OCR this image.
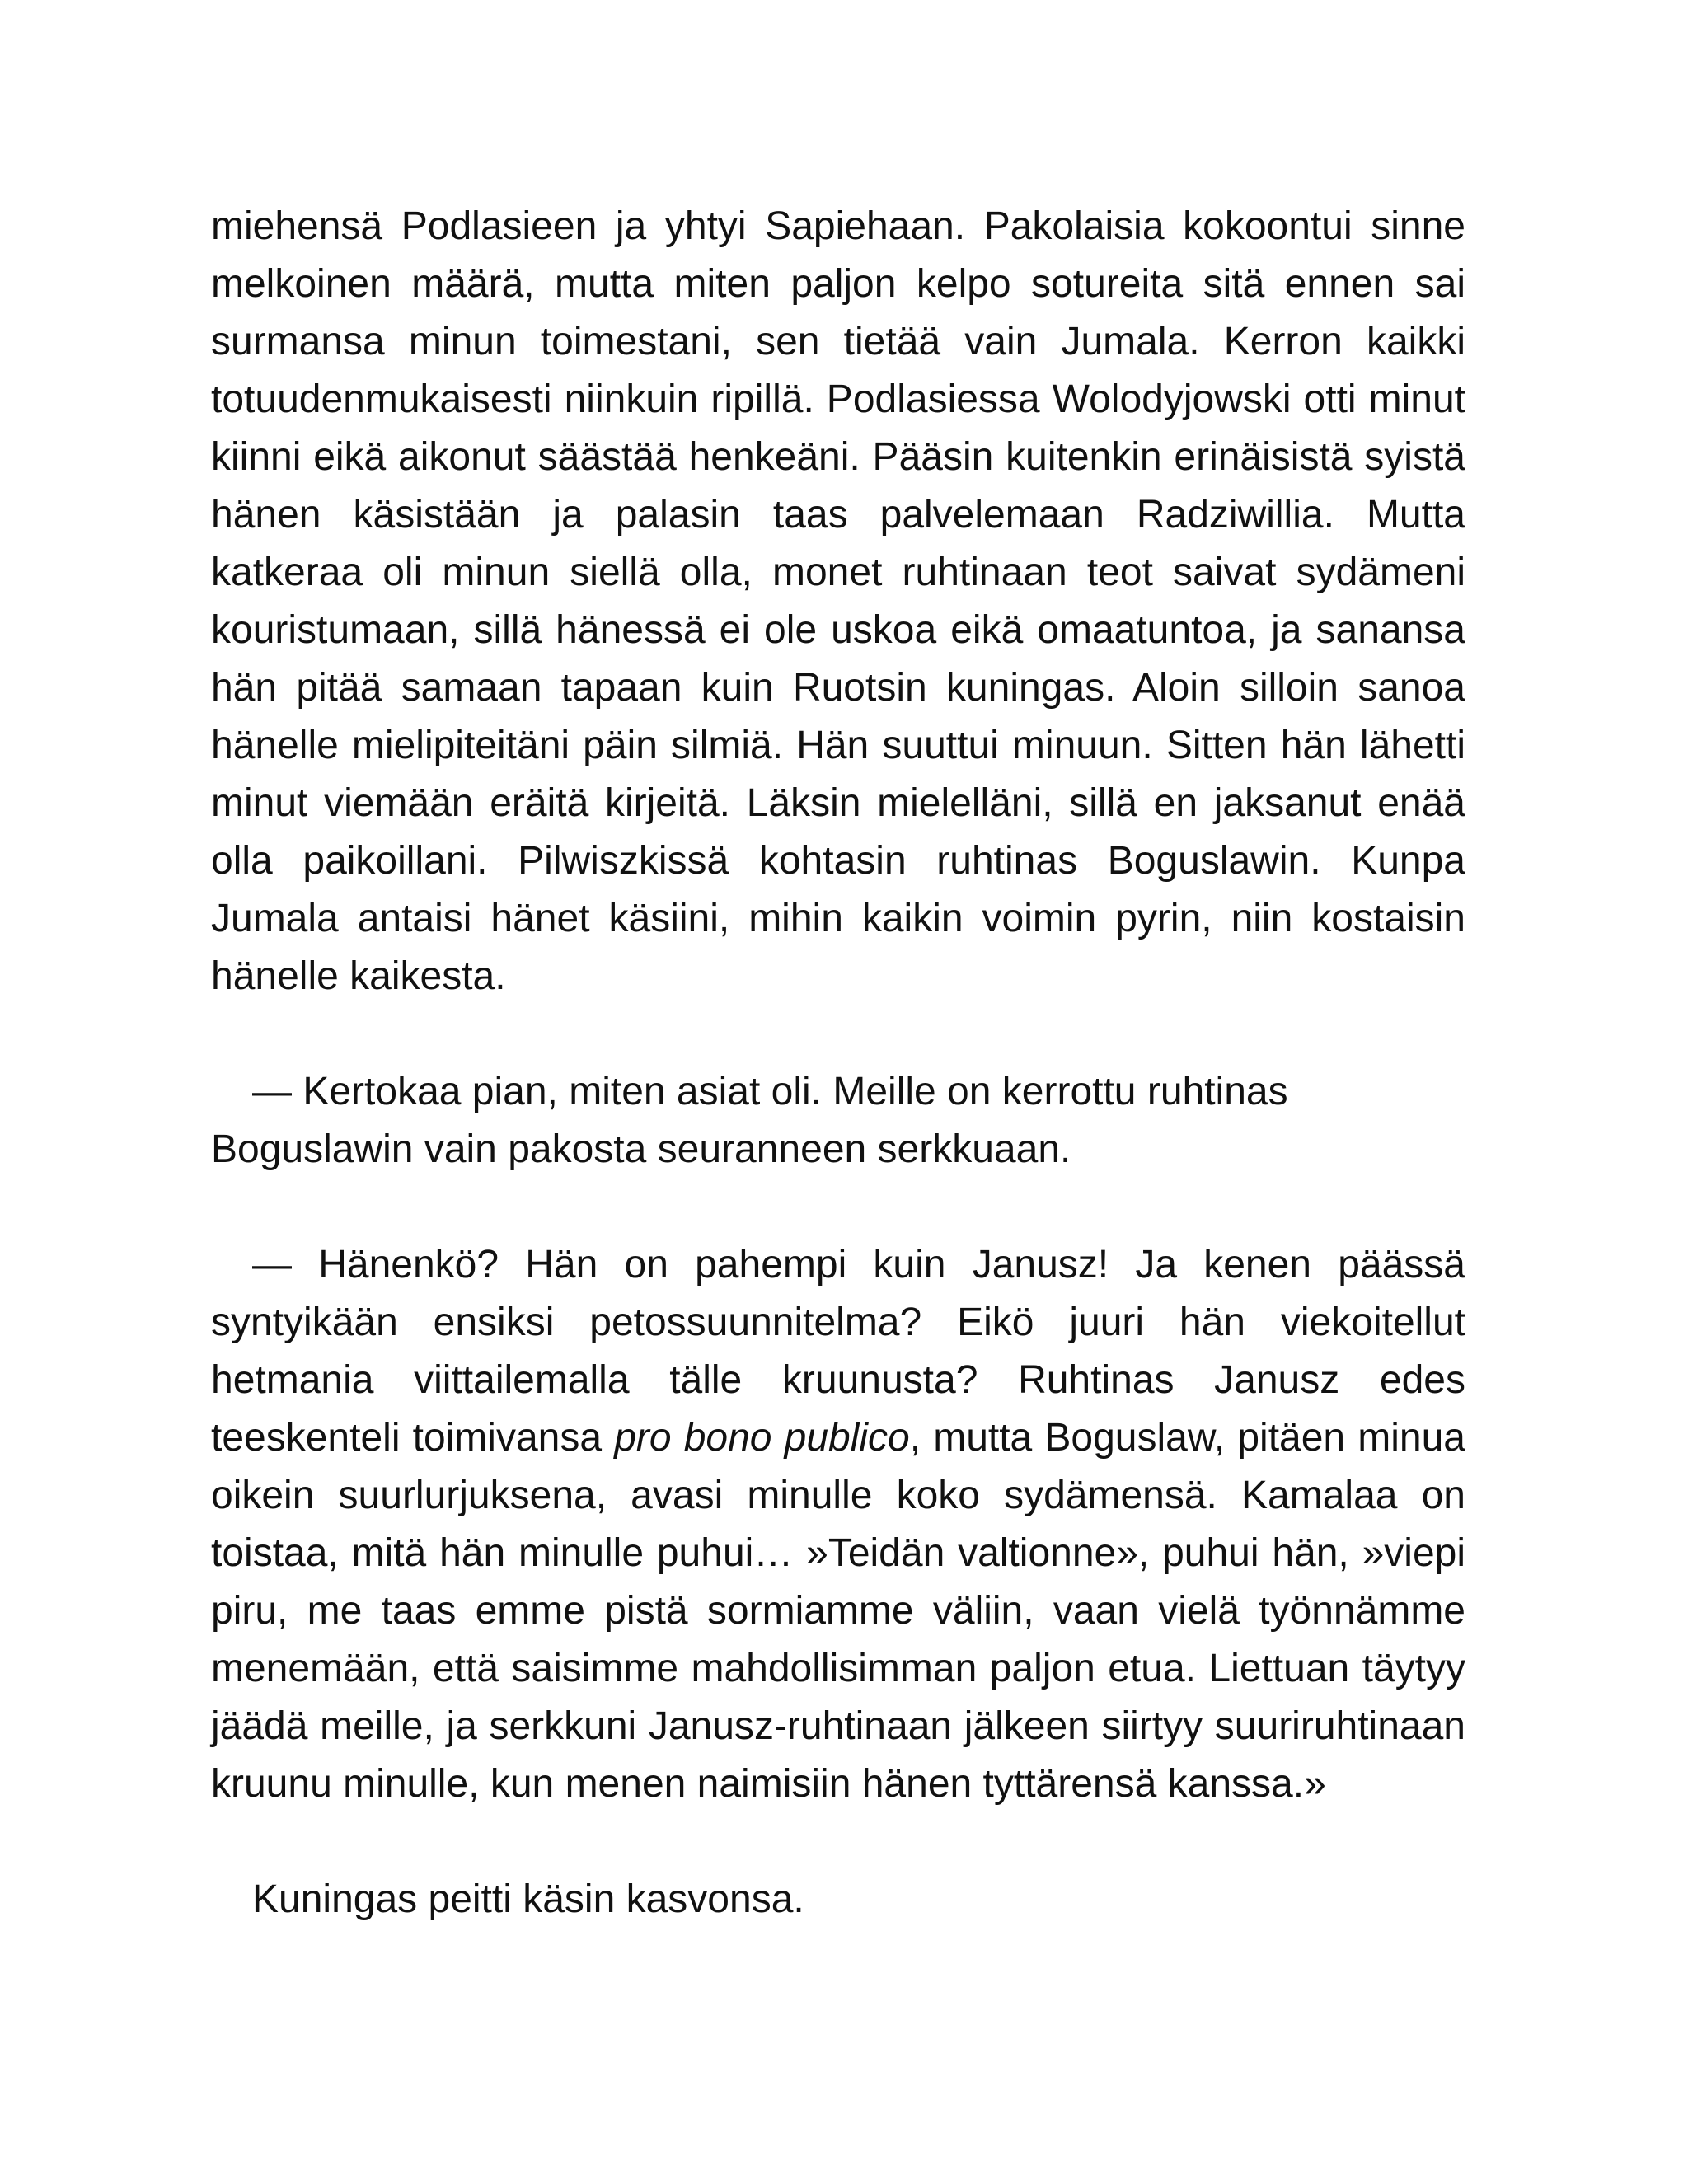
miehensä Podlasieen ja yhtyi Sapiehaan. Pakolaisia kokoontui sinne melkoinen määrä, mutta miten paljon kelpo sotureita sitä ennen sai surmansa minun toimestani, sen tietää vain Jumala. Kerron kaikki totuudenmukaisesti niinkuin ripillä. Podlasiessa Wolodyjowski otti minut kiinni eikä aikonut säästää henkeäni. Pääsin kuitenkin erinäisistä syistä hänen käsistään ja palasin taas palvelemaan Radziwillia. Mutta katkeraa oli minun siellä olla, monet ruhtinaan teot saivat sydämeni kouristumaan, sillä hänessä ei ole uskoa eikä omaatuntoa, ja sanansa hän pitää samaan tapaan kuin Ruotsin kuningas. Aloin silloin sanoa hänelle mielipiteitäni päin silmiä. Hän suuttui minuun. Sitten hän lähetti minut viemään eräitä kirjeitä. Läksin mielelläni, sillä en jaksanut enää olla paikoillani. Pilwiszkissä kohtasin ruhtinas Boguslawin. Kunpa Jumala antaisi hänet käsiini, mihin kaikin voimin pyrin, niin kostaisin hänelle kaikesta.

— Kertokaa pian, miten asiat oli. Meille on kerrottu ruhtinas Boguslawin vain pakosta seuranneen serkkuaan.

— Hänenkö? Hän on pahempi kuin Janusz! Ja kenen päässä syntyikään ensiksi petossuunnitelma? Eikö juuri hän viekoitellut hetmania viittailemalla tälle kruunusta? Ruhtinas Janusz edes teeskenteli toimivansa pro bono publico, mutta Boguslaw, pitäen minua oikein suurlurjuksena, avasi minulle koko sydämensä. Kamalaa on toistaa, mitä hän minulle puhui… »Teidän valtionne», puhui hän, »viepi piru, me taas emme pistä sormiamme väliin, vaan vielä työnnämme menemään, että saisimme mahdollisimman paljon etua. Liettuan täytyy jäädä meille, ja serkkuni Janusz-ruhtinaan jälkeen siirtyy suuriruhtinaan kruunu minulle, kun menen naimisiin hänen tyttärensä kanssa.»

Kuningas peitti käsin kasvonsa.
